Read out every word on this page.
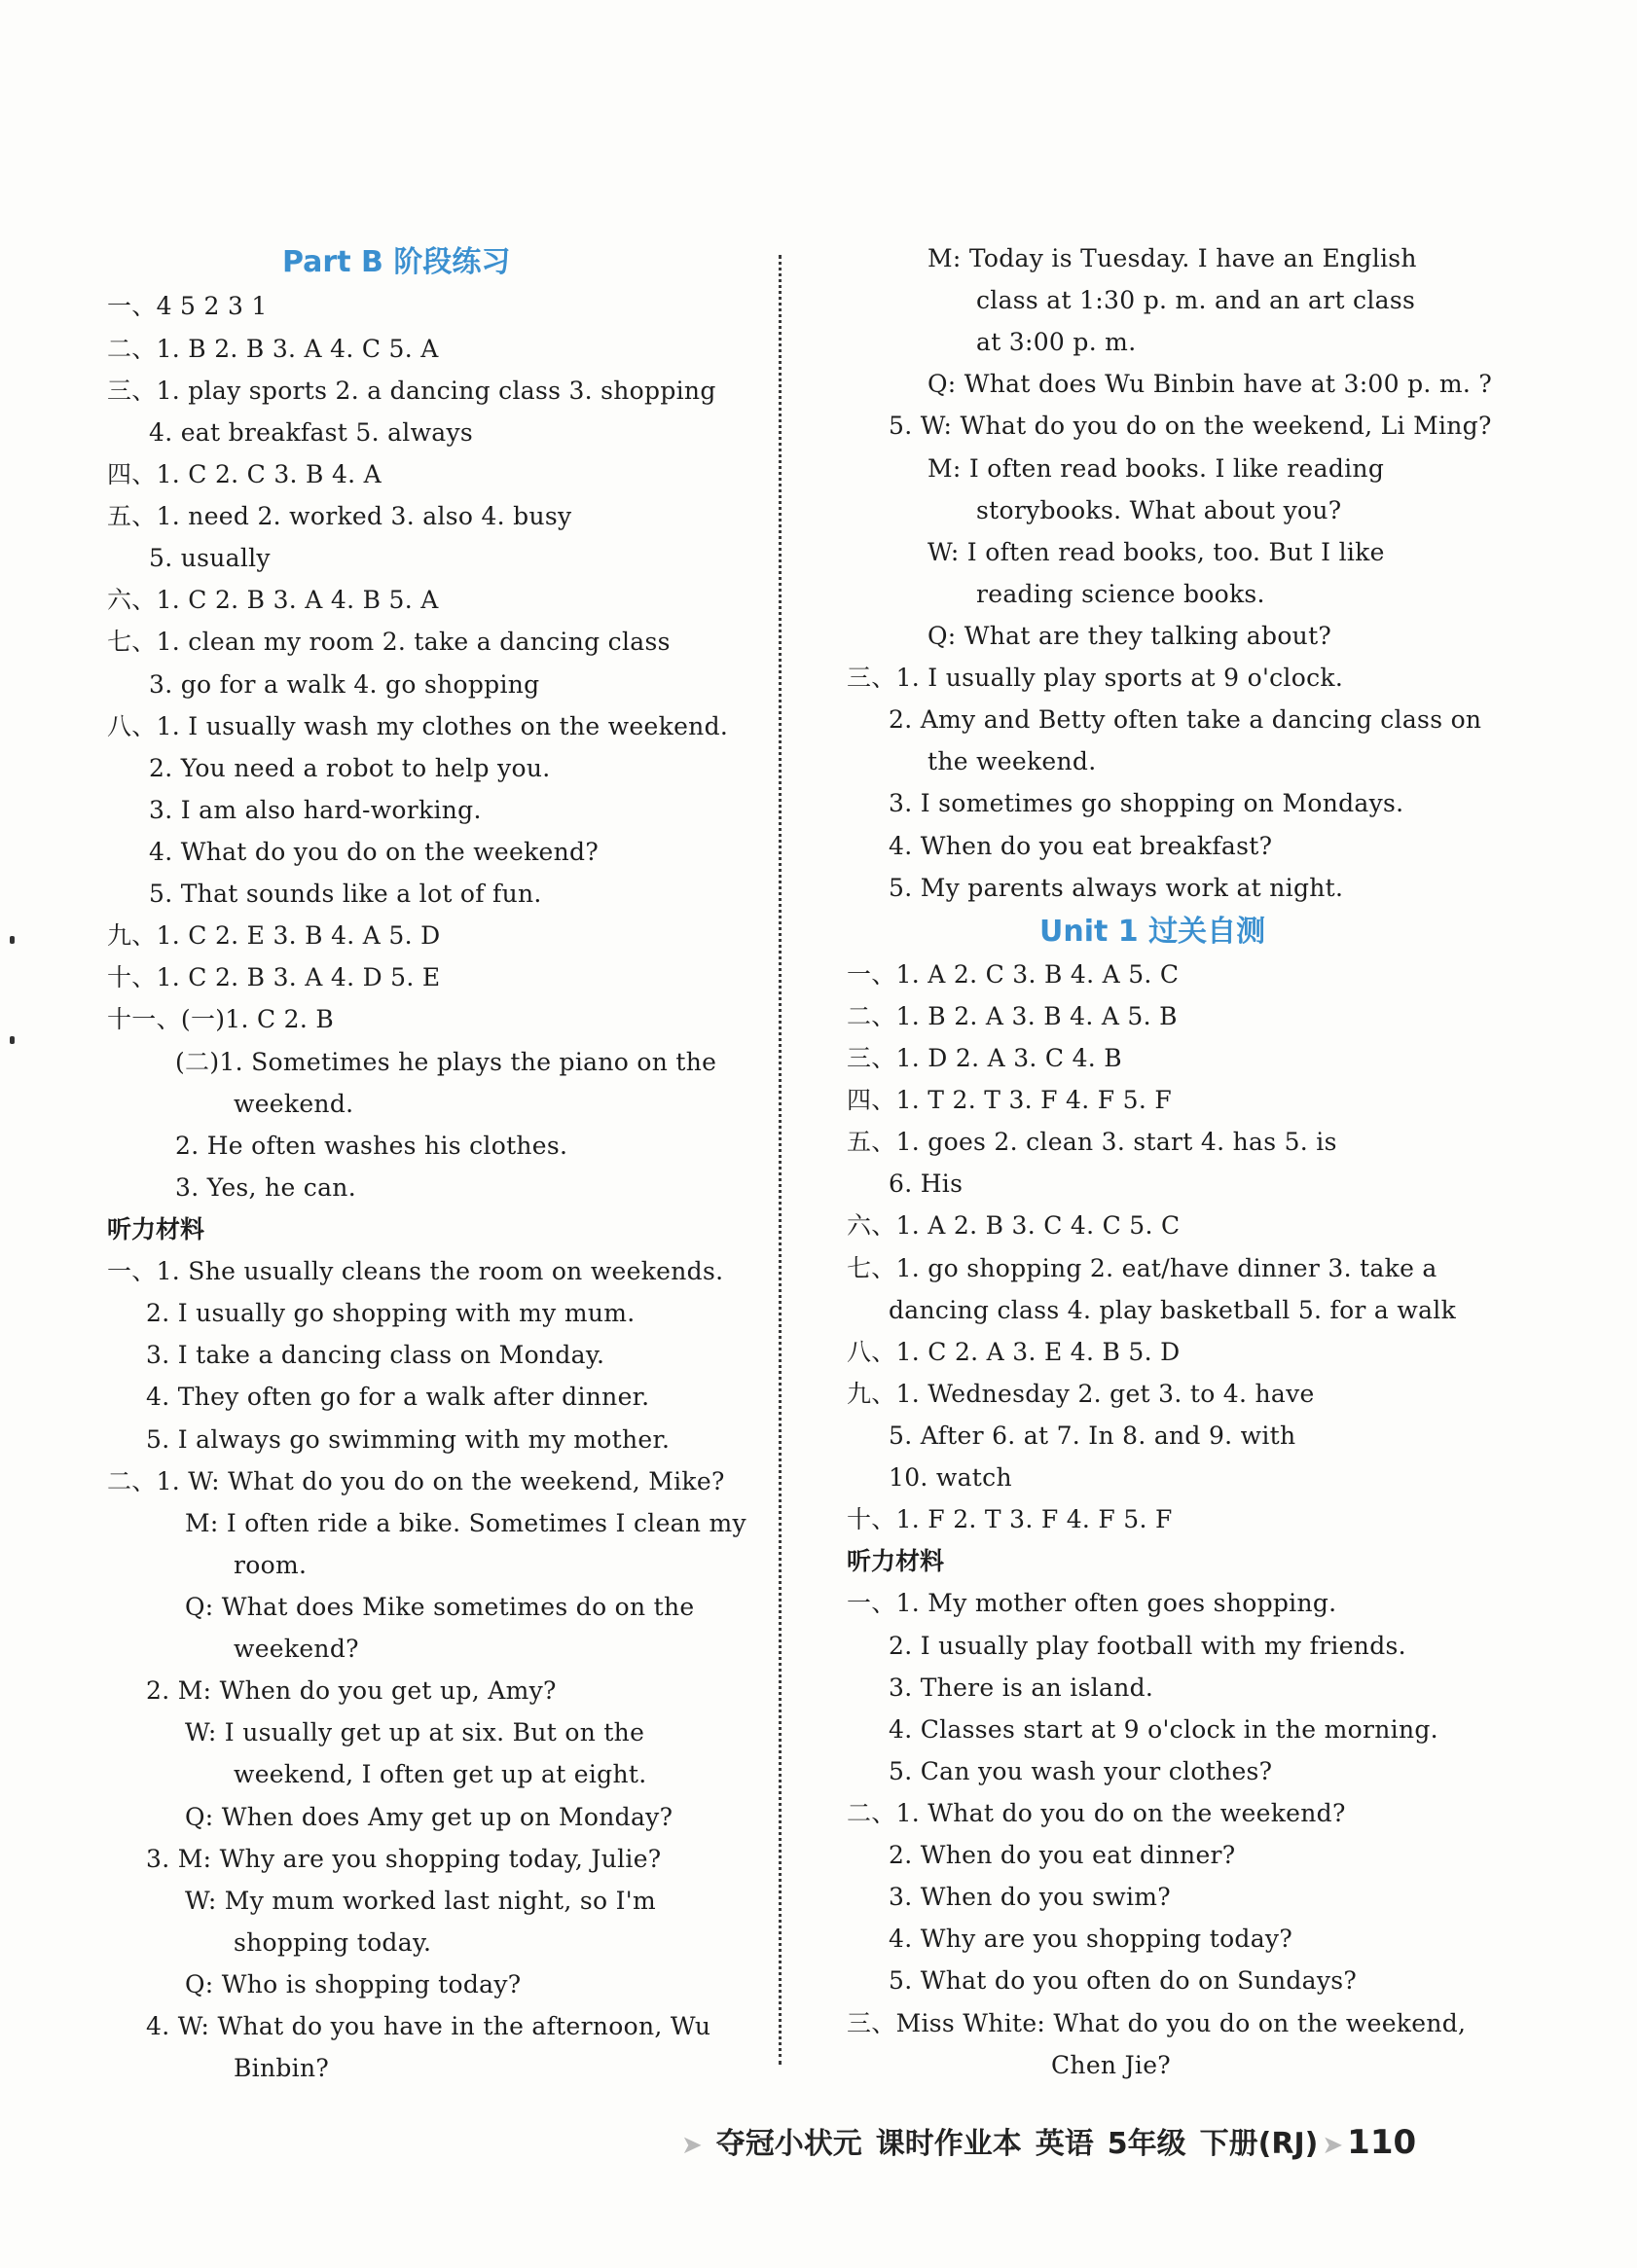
Part B 阶段练习
一、4 5 2 3 1
二、1. B 2. B 3. A 4. C 5. A
三、1. play sports 2. a dancing class 3. shopping
4. eat breakfast 5. always
四、1. C 2. C 3. B 4. A
五、1. need 2. worked 3. also 4. busy
5. usually
六、1. C 2. B 3. A 4. B 5. A
七、1. clean my room 2. take a dancing class
3. go for a walk 4. go shopping
八、1. I usually wash my clothes on the weekend.
2. You need a robot to help you.
3. I am also hard-working.
4. What do you do on the weekend?
5. That sounds like a lot of fun.
九、1. C 2. E 3. B 4. A 5. D
十、1. C 2. B 3. A 4. D 5. E
十一、(一)1. C 2. B
(二)1. Sometimes he plays the piano on the
weekend.
2. He often washes his clothes.
3. Yes, he can.
听力材料
一、1. She usually cleans the room on weekends.
2. I usually go shopping with my mum.
3. I take a dancing class on Monday.
4. They often go for a walk after dinner.
5. I always go swimming with my mother.
二、1. W: What do you do on the weekend, Mike?
M: I often ride a bike. Sometimes I clean my
room.
Q: What does Mike sometimes do on the
weekend?
2. M: When do you get up, Amy?
W: I usually get up at six. But on the
weekend, I often get up at eight.
Q: When does Amy get up on Monday?
3. M: Why are you shopping today, Julie?
W: My mum worked last night, so I'm
shopping today.
Q: Who is shopping today?
4. W: What do you have in the afternoon, Wu
Binbin?
M: Today is Tuesday. I have an English
class at 1:30 p. m. and an art class
at 3:00 p. m.
Q: What does Wu Binbin have at 3:00 p. m. ?
5. W: What do you do on the weekend, Li Ming?
M: I often read books. I like reading
storybooks. What about you?
W: I often read books, too. But I like
reading science books.
Q: What are they talking about?
三、1. I usually play sports at 9 o'clock.
2. Amy and Betty often take a dancing class on
the weekend.
3. I sometimes go shopping on Mondays.
4. When do you eat breakfast?
5. My parents always work at night.
Unit 1 过关自测
一、1. A 2. C 3. B 4. A 5. C
二、1. B 2. A 3. B 4. A 5. B
三、1. D 2. A 3. C 4. B
四、1. T 2. T 3. F 4. F 5. F
五、1. goes 2. clean 3. start 4. has 5. is
6. His
六、1. A 2. B 3. C 4. C 5. C
七、1. go shopping 2. eat/have dinner 3. take a
dancing class 4. play basketball 5. for a walk
八、1. C 2. A 3. E 4. B 5. D
九、1. Wednesday 2. get 3. to 4. have
5. After 6. at 7. In 8. and 9. with
10. watch
十、1. F 2. T 3. F 4. F 5. F
听力材料
一、1. My mother often goes shopping.
2. I usually play football with my friends.
3. There is an island.
4. Classes start at 9 o'clock in the morning.
5. Can you wash your clothes?
二、1. What do you do on the weekend?
2. When do you eat dinner?
3. When do you swim?
4. Why are you shopping today?
5. What do you often do on Sundays?
三、Miss White: What do you do on the weekend,
Chen Jie?
➤ 夺冠小状元 课时作业本 英语 5年级 下册(RJ) ➤ 110
